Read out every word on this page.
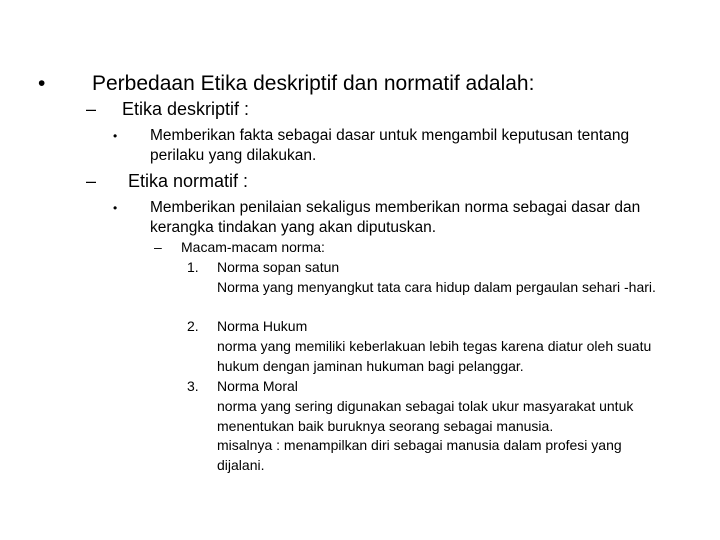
• Perbedaan Etika deskriptif dan normatif adalah:
– Etika deskriptif :
• Memberikan fakta sebagai dasar untuk mengambil keputusan tentang perilaku yang dilakukan.
– Etika normatif :
• Memberikan penilaian sekaligus memberikan norma sebagai dasar dan kerangka tindakan yang akan diputuskan.
– Macam-macam norma:
1. Norma sopan satun
Norma yang menyangkut tata cara hidup dalam pergaulan sehari -hari.
2. Norma Hukum
norma yang memiliki keberlakuan lebih tegas karena diatur oleh suatu hukum dengan jaminan hukuman bagi pelanggar.
3. Norma Moral
norma yang sering digunakan sebagai tolak ukur masyarakat untuk menentukan baik buruknya seorang sebagai manusia.
misalnya : menampilkan diri sebagai manusia dalam profesi yang dijalani.
